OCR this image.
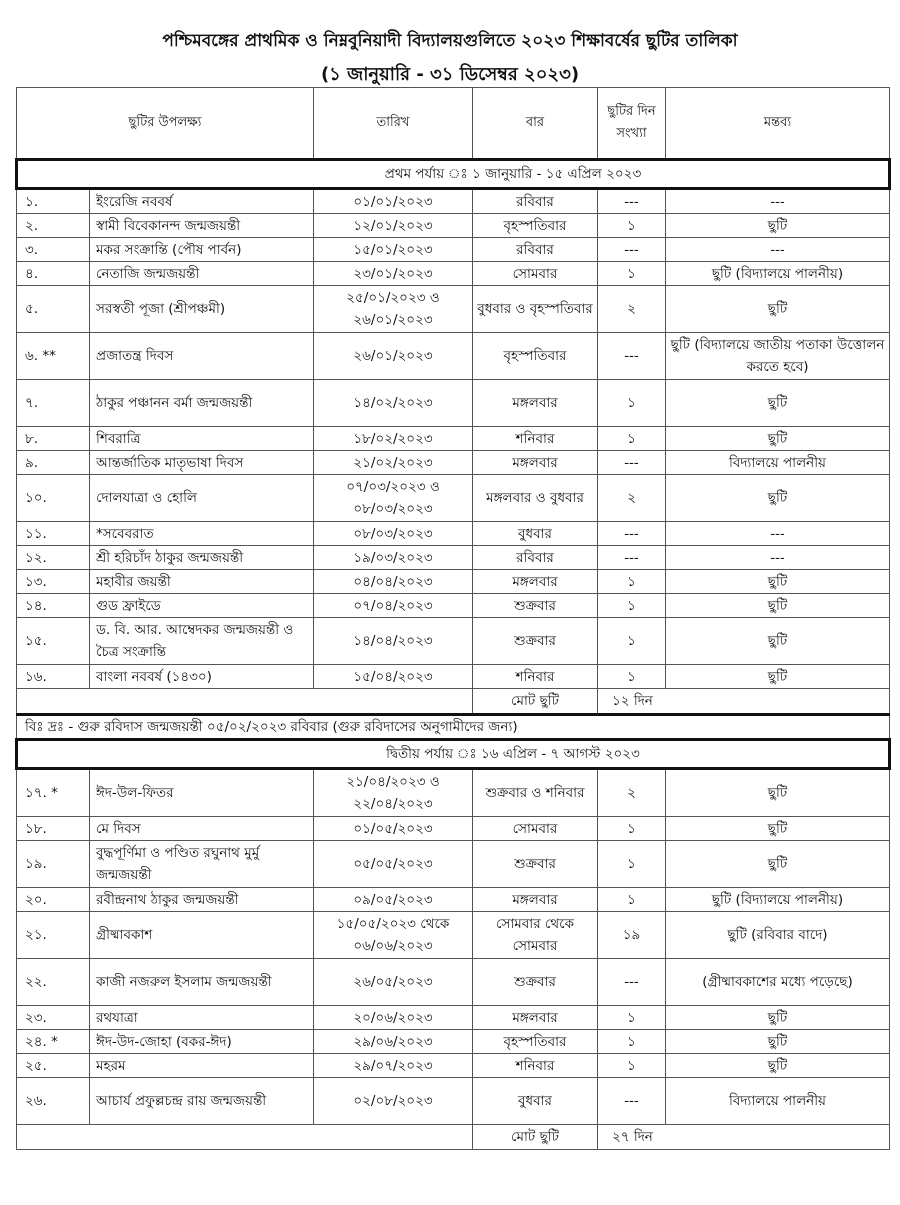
পশ্চিমবঙ্গের প্রাথমিক ও নিম্নবুনিয়াদী বিদ্যালয়গুলিতে ২০২৩ শিক্ষাবর্ষের ছুটির তালিকা
(১ জানুয়ারি - ৩১ ডিসেম্বর ২০২৩)
ছুটির উপলক্ষ্য		তারিখ	বার	ছুটির দিন সংখ্যা	মন্তব্য
প্রথম পর্যায় ঃ ১ জানুয়ারি - ১৫ এপ্রিল ২০২৩					
১.	ইংরেজি নববর্ষ	০১/০১/২০২৩	রবিবার	---	---
২.	স্বামী বিবেকানন্দ জন্মজয়ন্তী	১২/০১/২০২৩	বৃহস্পতিবার	১	ছুটি
৩.	মকর সংক্রান্তি (পৌষ পার্বন)	১৫/০১/২০২৩	রবিবার	---	---
৪.	নেতাজি জন্মজয়ন্তী	২৩/০১/২০২৩	সোমবার	১	ছুটি (বিদ্যালয়ে পালনীয়)
৫.	সরস্বতী পূজা (শ্রীপঞ্চমী)	২৫/০১/২০২৩ ও ২৬/০১/২০২৩	বুধবার ও বৃহস্পতিবার	২	ছুটি
৬. **	প্রজাতন্ত্র দিবস	২৬/০১/২০২৩	বৃহস্পতিবার	---	ছুটি (বিদ্যালয়ে জাতীয় পতাকা উত্তোলন করতে হবে)
৭.	ঠাকুর পঞ্চানন বর্মা জন্মজয়ন্তী	১৪/০২/২০২৩	মঙ্গলবার	১	ছুটি
৮.	শিবরাত্রি	১৮/০২/২০২৩	শনিবার	১	ছুটি
৯.	আন্তর্জাতিক মাতৃভাষা দিবস	২১/০২/২০২৩	মঙ্গলবার	---	বিদ্যালয়ে পালনীয়
১০.	দোলযাত্রা ও হোলি	০৭/০৩/২০২৩ ও ০৮/০৩/২০২৩	মঙ্গলবার ও বুধবার	২	ছুটি
১১.	*সবেবরাত	০৮/০৩/২০২৩	বুধবার	---	---
১২.	শ্রী হরিচাঁদ ঠাকুর জন্মজয়ন্তী	১৯/০৩/২০২৩	রবিবার	---	---
১৩.	মহাবীর জয়ন্তী	০৪/০৪/২০২৩	মঙ্গলবার	১	ছুটি
১৪.	গুড ফ্রাইডে	০৭/০৪/২০২৩	শুক্রবার	১	ছুটি
১৫.	ড. বি. আর. আম্বেদকর জন্মজয়ন্তী ও চৈত্র সংক্রান্তি	১৪/০৪/২০২৩	শুক্রবার	১	ছুটি
১৬.	বাংলা নববর্ষ (১৪৩০)	১৫/০৪/২০২৩	শনিবার	১	ছুটি
			মোট ছুটি	১২ দিন	
বিঃ দ্রঃ - গুরু রবিদাস জন্মজয়ন্তী ০৫/০২/২০২৩ রবিবার (গুরু রবিদাসের অনুগামীদের জন্য)					
দ্বিতীয় পর্যায় ঃ ১৬ এপ্রিল - ৭ আগস্ট ২০২৩					
১৭. *	ঈদ-উল-ফিতর	২১/০৪/২০২৩ ও ২২/০৪/২০২৩	শুক্রবার ও শনিবার	২	ছুটি
১৮.	মে দিবস	০১/০৫/২০২৩	সোমবার	১	ছুটি
১৯.	বুদ্ধপূর্ণিমা ও পণ্ডিত রঘুনাথ মুর্মু জন্মজয়ন্তী	০৫/০৫/২০২৩	শুক্রবার	১	ছুটি
২০.	রবীন্দ্রনাথ ঠাকুর জন্মজয়ন্তী	০৯/০৫/২০২৩	মঙ্গলবার	১	ছুটি (বিদ্যালয়ে পালনীয়)
২১.	গ্রীষ্মাবকাশ	১৫/০৫/২০২৩ থেকে ০৬/০৬/২০২৩	সোমবার থেকে সোমবার	১৯	ছুটি (রবিবার বাদে)
২২.	কাজী নজরুল ইসলাম জন্মজয়ন্তী	২৬/০৫/২০২৩	শুক্রবার	---	(গ্রীষ্মাবকাশের মধ্যে পড়েছে)
২৩.	রথযাত্রা	২০/০৬/২০২৩	মঙ্গলবার	১	ছুটি
২৪. *	ঈদ-উদ-জোহা (বকর-ঈদ)	২৯/০৬/২০২৩	বৃহস্পতিবার	১	ছুটি
২৫.	মহরম	২৯/০৭/২০২৩	শনিবার	১	ছুটি
২৬.	আচার্য প্রফুল্লচন্দ্র রায় জন্মজয়ন্তী	০২/০৮/২০২৩	বুধবার	---	বিদ্যালয়ে পালনীয়
			মোট ছুটি	২৭ দিন	
